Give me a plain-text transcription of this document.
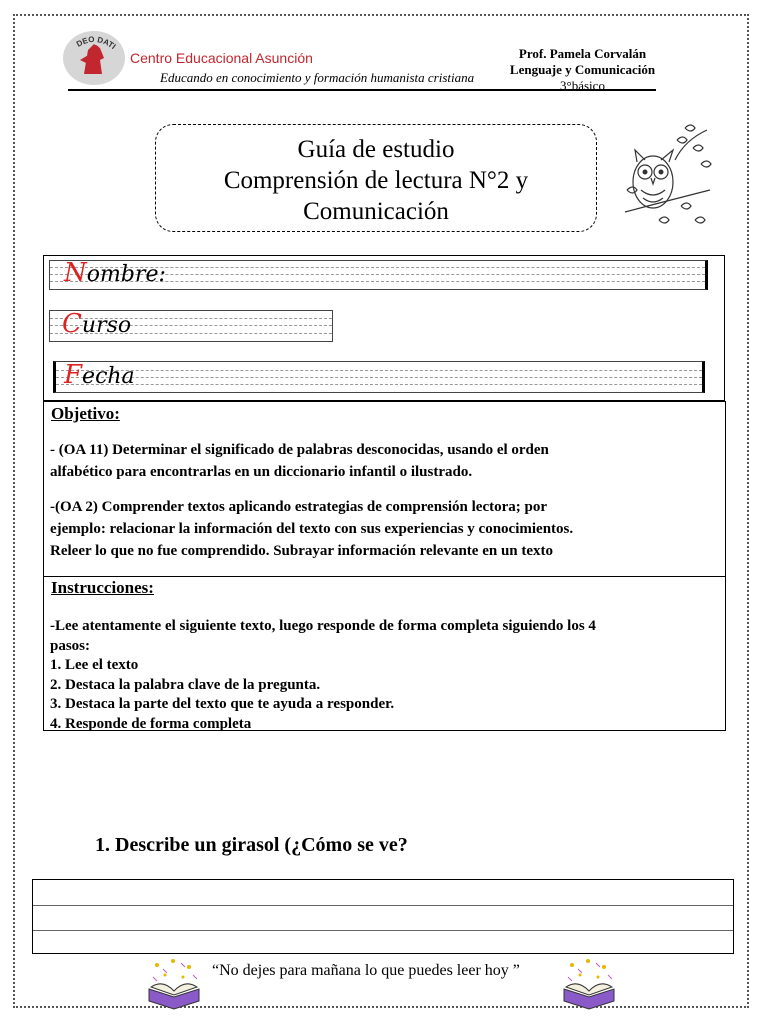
DEO DATI
Centro Educacional Asunción
Educando en conocimiento y formación humanista cristiana
Prof. Pamela Corvalán
Lenguaje y Comunicación
3°básico
Guía de estudio
Comprensión de lectura N°2 y
Comunicación
Nombre:
Curso
Fecha
Objetivo:
- (OA 11) Determinar el significado de palabras desconocidas, usando el orden
alfabético para encontrarlas en un diccionario infantil o ilustrado.
-(OA 2) Comprender textos aplicando estrategias de comprensión lectora; por
ejemplo: relacionar la información del texto con sus experiencias y conocimientos.
Releer lo que no fue comprendido. Subrayar información relevante en un texto
Instrucciones:
-Lee atentamente el siguiente texto, luego responde de forma completa siguiendo los 4
pasos:
1. Lee el texto
2. Destaca la palabra clave de la pregunta.
3. Destaca la parte del texto que te ayuda a responder.
4. Responde de forma completa
1. Describe un girasol (¿Cómo se ve?
“No dejes para mañana lo que puedes leer hoy ”
